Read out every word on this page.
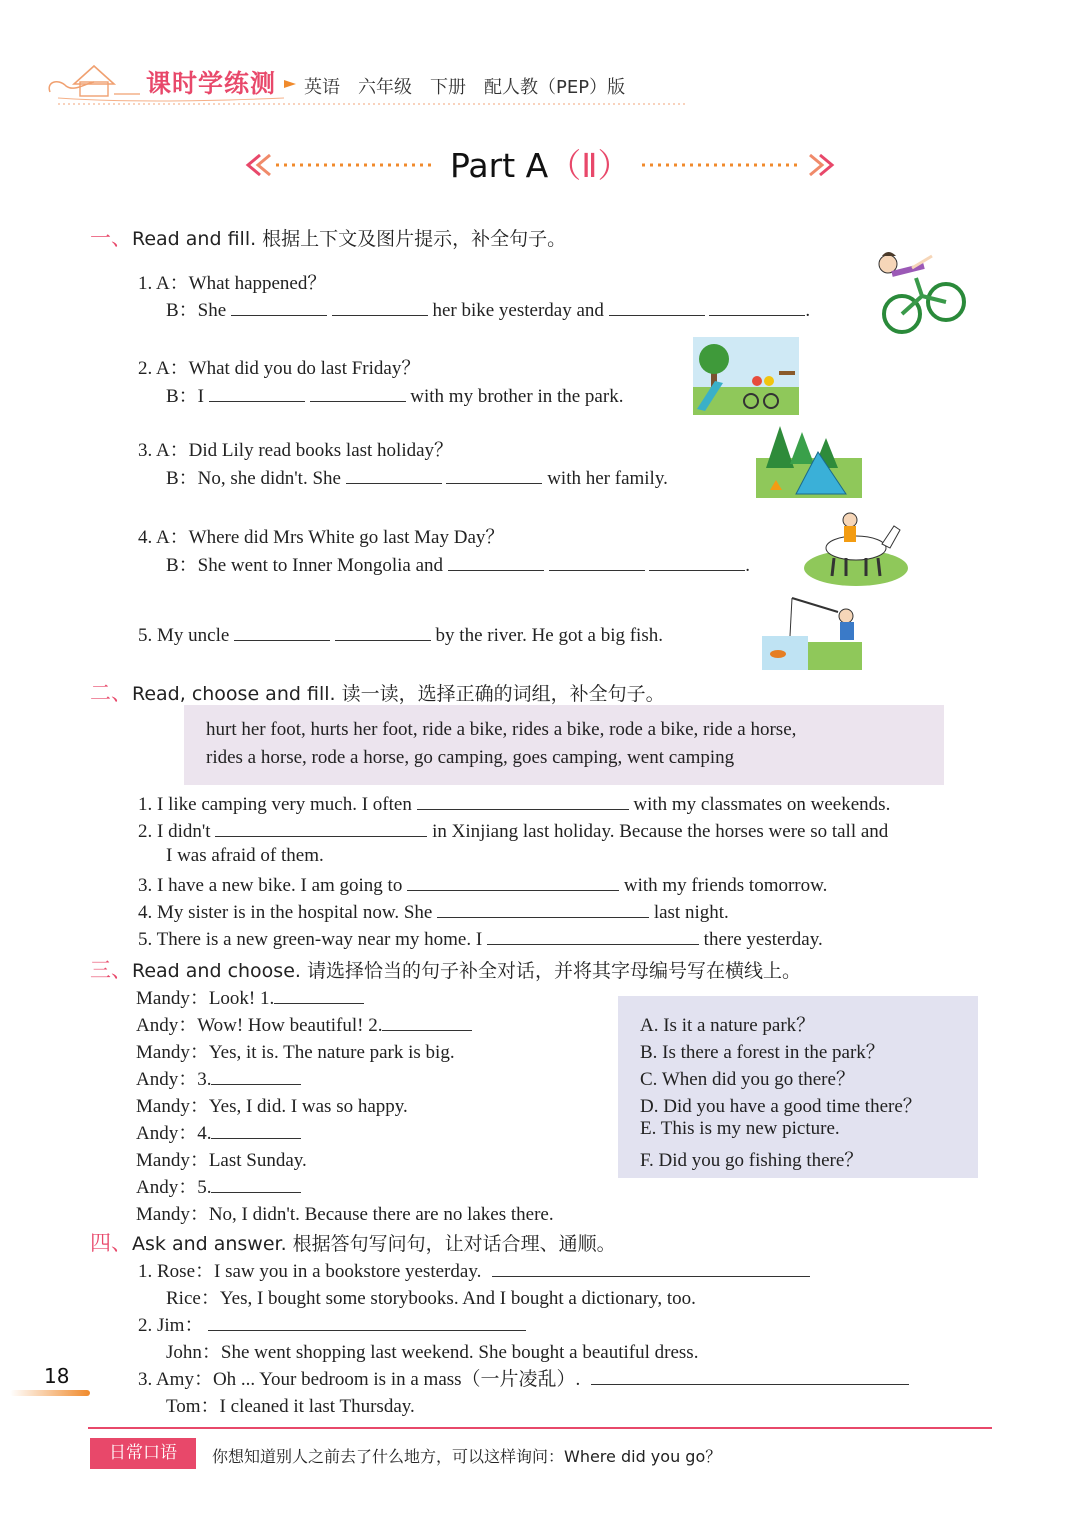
课时学练测 英语　六年级　下册　配人教（PEP）版
Part A（Ⅱ）
一、Read and fill. 根据上下文及图片提示，补全句子。
1. A：What happened？
B：She	her bike yesterday and	.
2. A：What did you do last Friday？
B：I	with my brother in the park.
3. A：Did Lily read books last holiday？
B：No, she didn't. She	with her family.
4. A：Where did Mrs White go last May Day？
B：She went to Inner Mongolia and	.
5. My uncle	by the river. He got a big fish.
二、Read, choose and fill. 读一读，选择正确的词组，补全句子。
hurt her foot, hurts her foot, ride a bike, rides a bike, rode a bike, ride a horse,
rides a horse, rode a horse, go camping, goes camping, went camping
1. I like camping very much. I often	with my classmates on weekends.
2. I didn't	in Xinjiang last holiday. Because the horses were so tall and
I was afraid of them.
3. I have a new bike. I am going to	with my friends tomorrow.
4. My sister is in the hospital now. She	last night.
5. There is a new green-way near my home. I	there yesterday.
三、Read and choose. 请选择恰当的句子补全对话，并将其字母编号写在横线上。
Mandy：Look! 1.
Andy：Wow! How beautiful! 2.
Mandy：Yes, it is. The nature park is big.
Andy：3.
Mandy：Yes, I did. I was so happy.
Andy：4.
Mandy：Last Sunday.
Andy：5.
Mandy：No, I didn't. Because there are no lakes there.
A. Is it a nature park？
B. Is there a forest in the park？
C. When did you go there？
D. Did you have a good time there？
E. This is my new picture.
F. Did you go fishing there？
四、Ask and answer. 根据答句写问句，让对话合理、通顺。
1. Rose：I saw you in a bookstore yesterday.
Rice：Yes, I bought some storybooks. And I bought a dictionary, too.
2. Jim：
John：She went shopping last weekend. She bought a beautiful dress.
3. Amy：Oh ... Your bedroom is in a mass（一片凌乱）.
Tom：I cleaned it last Thursday.
18
日常口语	你想知道别人之前去了什么地方，可以这样询问：Where did you go？
